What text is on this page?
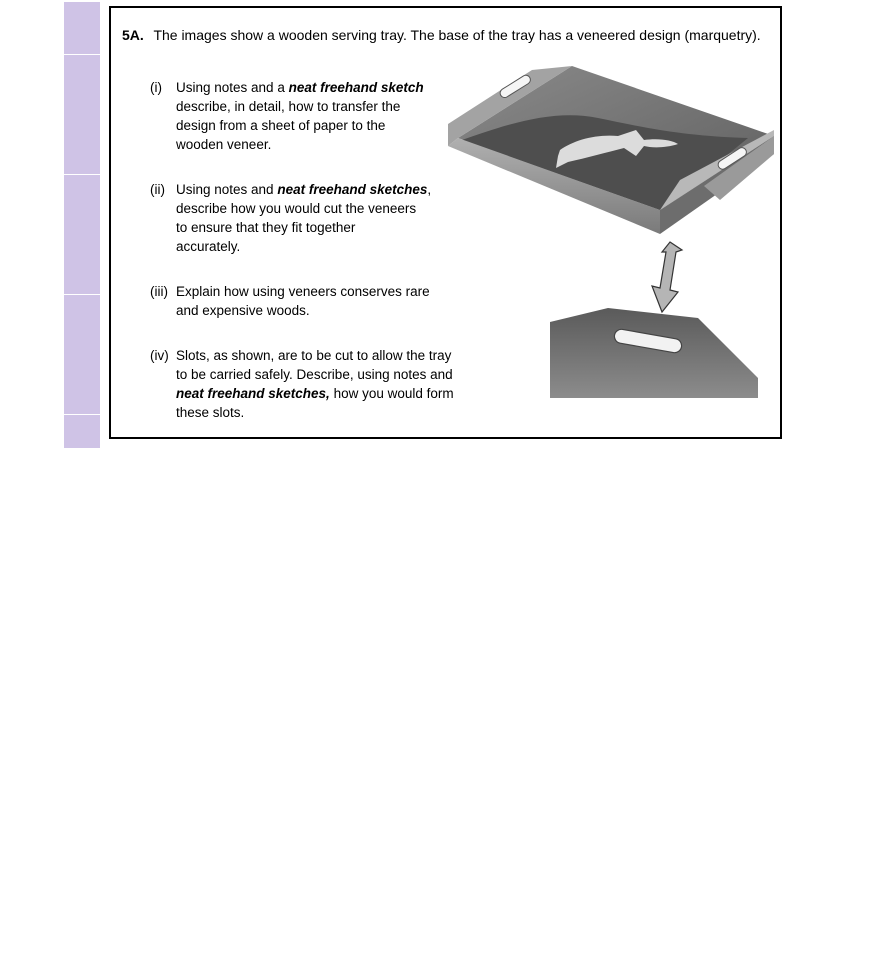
5A. The images show a wooden serving tray. The base of the tray has a veneered design (marquetry).
(i) Using notes and a neat freehand sketch
describe, in detail, how to transfer the
design from a sheet of paper to the
wooden veneer.
(ii) Using notes and neat freehand sketches,
describe how you would cut the veneers
to ensure that they fit together
accurately.
(iii) Explain how using veneers conserves rare
and expensive woods.
(iv) Slots, as shown, are to be cut to allow the tray
to be carried safely. Describe, using notes and
neat freehand sketches, how you would form
these slots.
